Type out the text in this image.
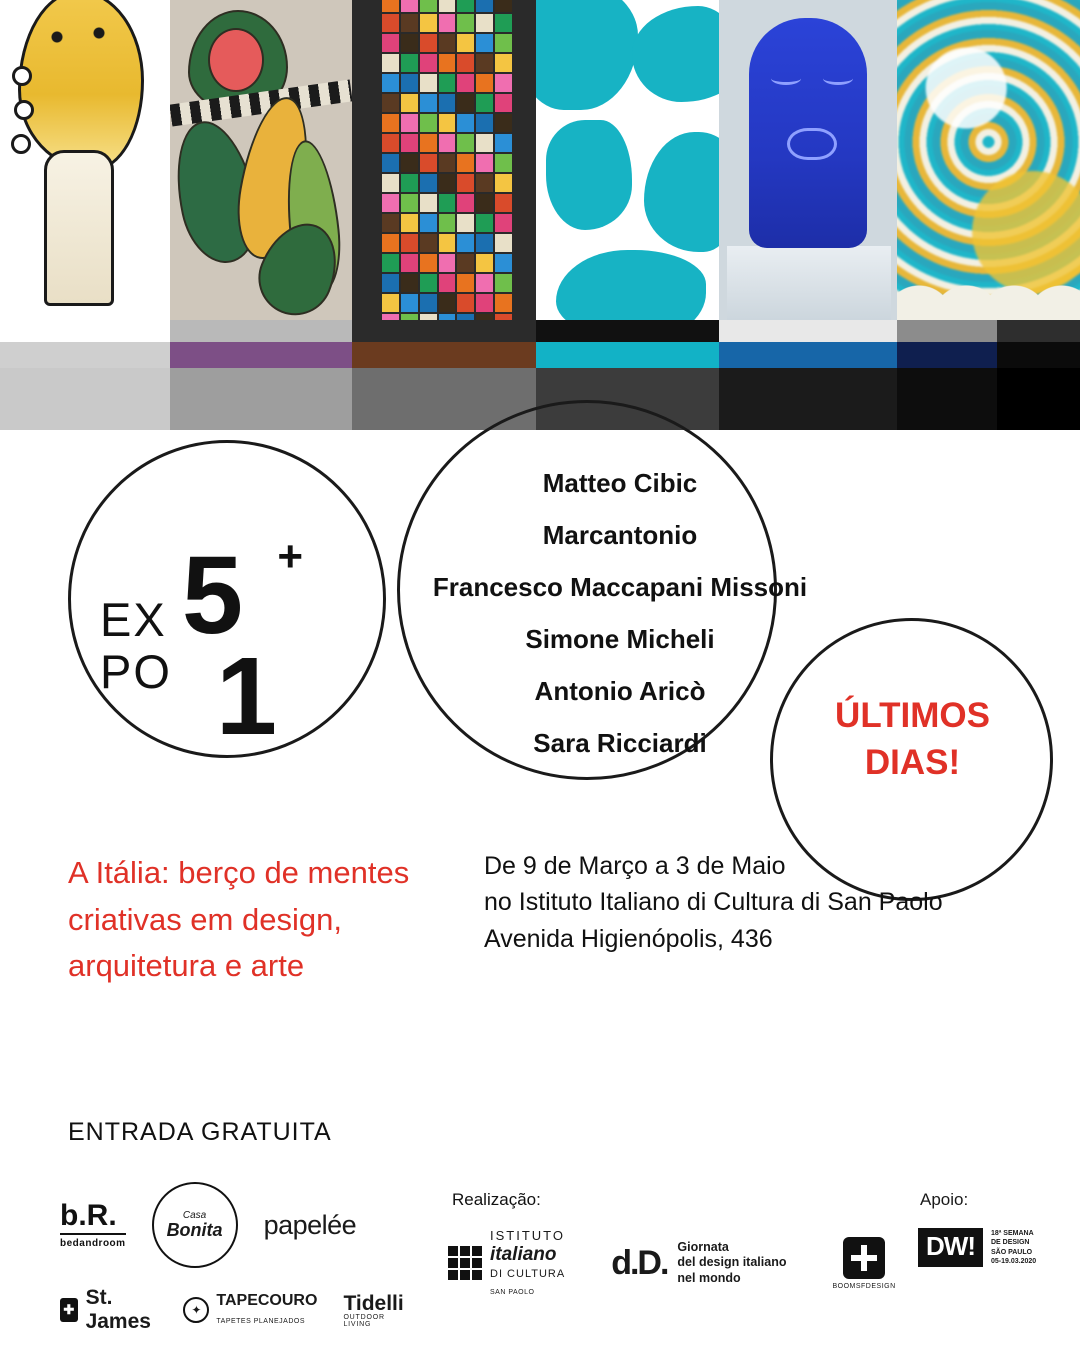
EX
PO
+
5
1
Matteo Cibic
Marcantonio
Francesco Maccapani Missoni
Simone Micheli
Antonio Aricò
Sara Ricciardi
ÚLTIMOS DIAS!
A Itália: berço de mentes criativas em design, arquitetura e arte
De 9 de Março a 3 de Maio
no Istituto Italiano di Cultura di San Paolo
Avenida Higienópolis, 436
ENTRADA GRATUITA
b.R.
bedandroom
Casa
Bonita papelée
✚
St. James	✦
TAPECOURO
TAPETES PLANEJADOS
Tidelli
OUTDOOR LIVING
Realização:
ISTITUTO
italiano
DI CULTURA
SAN PAOLO
d.D. Giornata
del design italiano
nel mondo
BOOMSFDESIGN
Apoio:
DW!	18ª SEMANA
DE DESIGN
SÃO PAULO
05-19.03.2020
